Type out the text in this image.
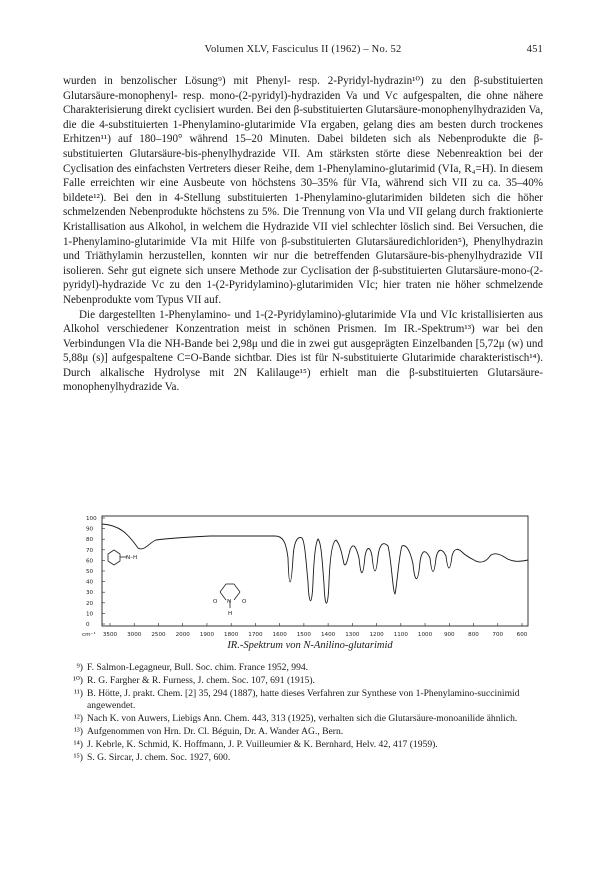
Volumen XLV, Fasciculus II (1962) – No. 52	451

wurden in benzolischer Lösung⁹) mit Phenyl- resp. 2-Pyridyl-hydrazin¹⁰) zu den β-substituierten Glutarsäure-monophenyl- resp. mono-(2-pyridyl)-hydraziden Va und Vc aufgespalten, die ohne nähere Charakterisierung direkt cyclisiert wurden. Bei den β-substituierten Glutarsäure-monophenylhydraziden Va, die die 4-substituierten 1-Phenylamino-glutarimide VIa ergaben, gelang dies am besten durch trockenes Erhitzen¹¹) auf 180–190° während 15–20 Minuten. Dabei bildeten sich als Nebenprodukte die β-substituierten Glutarsäure-bis-phenylhydrazide VII. Am stärksten störte diese Nebenreaktion bei der Cyclisation des einfachsten Vertreters dieser Reihe, dem 1-Phenylamino-glutarimid (VIa, R₄=H). In diesem Falle erreichten wir eine Ausbeute von höchstens 30–35% für VIa, während sich VII zu ca. 35–40% bildete¹²). Bei den in 4-Stellung substituierten 1-Phenylamino-glutarimiden bildeten sich die höher schmelzenden Nebenprodukte höchstens zu 5%. Die Trennung von VIa und VII gelang durch fraktionierte Kristallisation aus Alkohol, in welchem die Hydrazide VII viel schlechter löslich sind. Bei Versuchen, die 1-Phenylamino-glutarimide VIa mit Hilfe von β-substituierten Glutarsäuredichloriden⁵), Phenylhydrazin und Triäthylamin herzustellen, konnten wir nur die betreffenden Glutarsäure-bis-phenylhydrazide VII isolieren. Sehr gut eignete sich unsere Methode zur Cyclisation der β-substituierten Glutarsäure-mono-(2-pyridyl)-hydrazide Vc zu den 1-(2-Pyridylamino)-glutarimiden VIc; hier traten nie höher schmelzende Nebenprodukte vom Typus VII auf.

Die dargestellten 1-Phenylamino- und 1-(2-Pyridylamino)-glutarimide VIa und VIc kristallisierten aus Alkohol verschiedener Konzentration meist in schönen Prismen. Im IR.-Spektrum¹³) war bei den Verbindungen VIa die NH-Bande bei 2,98μ und die in zwei gut ausgeprägten Einzelbanden [5,72μ (w) und 5,88μ (s)] aufgespaltene C=O-Bande sichtbar. Dies ist für N-substituierte Glutarimide charakteristisch¹⁴). Durch alkalische Hydrolyse mit 2N Kalilauge¹⁵) erhielt man die β-substituierten Glutarsäure-monophenylhydrazide Va.

100
90
80
70
60
50
40
30
20
10
0
cm⁻¹ 3500 3000 2500 2000 1900 1800 1700 1600 1500 1400 1300 1200 1100 1000 900 800 700 600
N–H
O	O
N
H
IR.-Spektrum von N-Anilino-glutarimid
⁹) F. Salmon-Legagneur, Bull. Soc. chim. France 1952, 994.
¹⁰) R. G. Fargher & R. Furness, J. chem. Soc. 107, 691 (1915).
¹¹) B. Hötte, J. prakt. Chem. [2] 35, 294 (1887), hatte dieses Verfahren zur Synthese von 1-Phenylamino-succinimid angewendet.
¹²) Nach K. von Auwers, Liebigs Ann. Chem. 443, 313 (1925), verhalten sich die Glutarsäure-monoanilide ähnlich.
¹³) Aufgenommen von Hrn. Dr. Cl. Béguin, Dr. A. Wander AG., Bern.
¹⁴) J. Kebrle, K. Schmid, K. Hoffmann, J. P. Vuilleumier & K. Bernhard, Helv. 42, 417 (1959).
¹⁵) S. G. Sircar, J. chem. Soc. 1927, 600.
